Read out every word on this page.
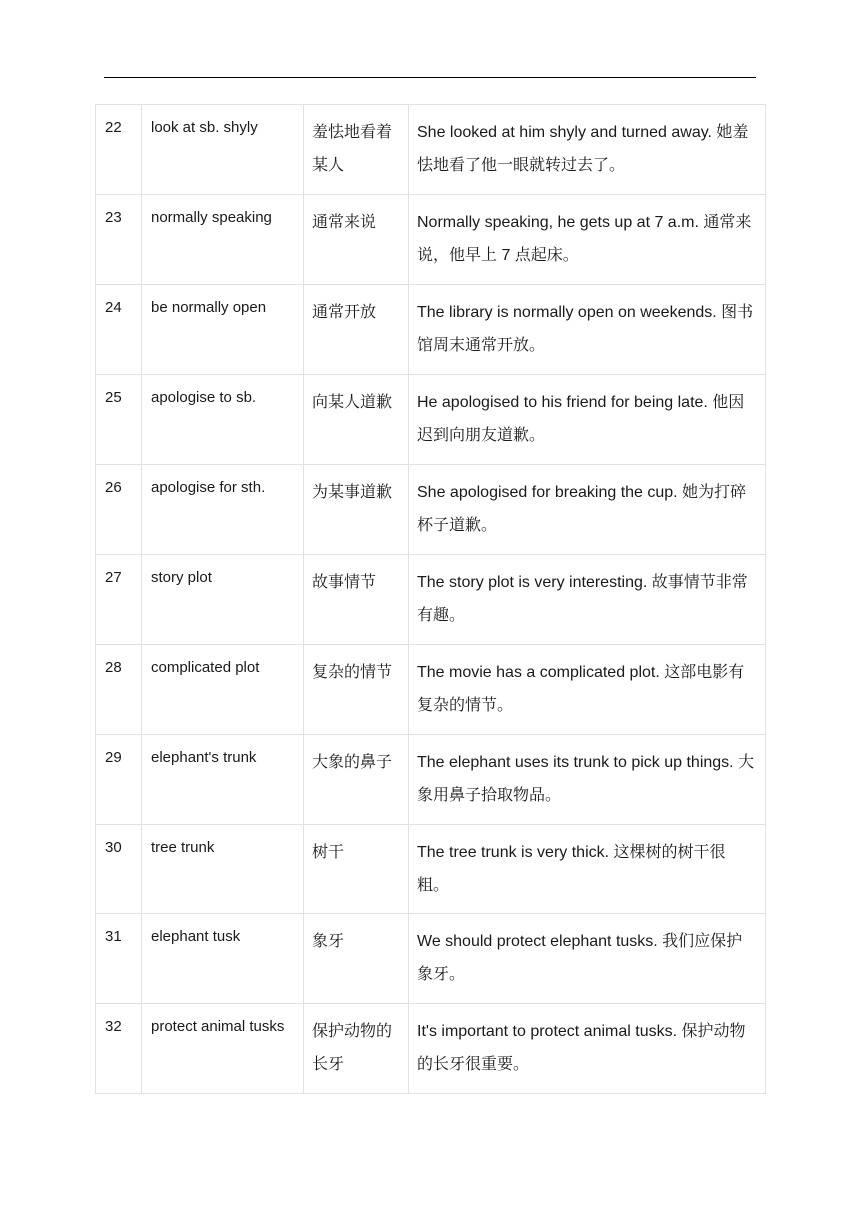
22	look at sb. shyly	羞怯地看着某人	She looked at him shyly and turned away. 她羞怯地看了他一眼就转过去了。
23	normally speaking	通常来说	Normally speaking, he gets up at 7 a.m. 通常来说，他早上 7 点起床。
24	be normally open	通常开放	The library is normally open on weekends. 图书馆周末通常开放。
25	apologise to sb.	向某人道歉	He apologised to his friend for being late. 他因迟到向朋友道歉。
26	apologise for sth.	为某事道歉	She apologised for breaking the cup. 她为打碎杯子道歉。
27	story plot	故事情节	The story plot is very interesting. 故事情节非常有趣。
28	complicated plot	复杂的情节	The movie has a complicated plot. 这部电影有复杂的情节。
29	elephant's trunk	大象的鼻子	The elephant uses its trunk to pick up things. 大象用鼻子拾取物品。
30	tree trunk	树干	The tree trunk is very thick. 这棵树的树干很粗。
31	elephant tusk	象牙	We should protect elephant tusks. 我们应保护象牙。
32	protect animal tusks	保护动物的长牙	It's important to protect animal tusks. 保护动物的长牙很重要。
